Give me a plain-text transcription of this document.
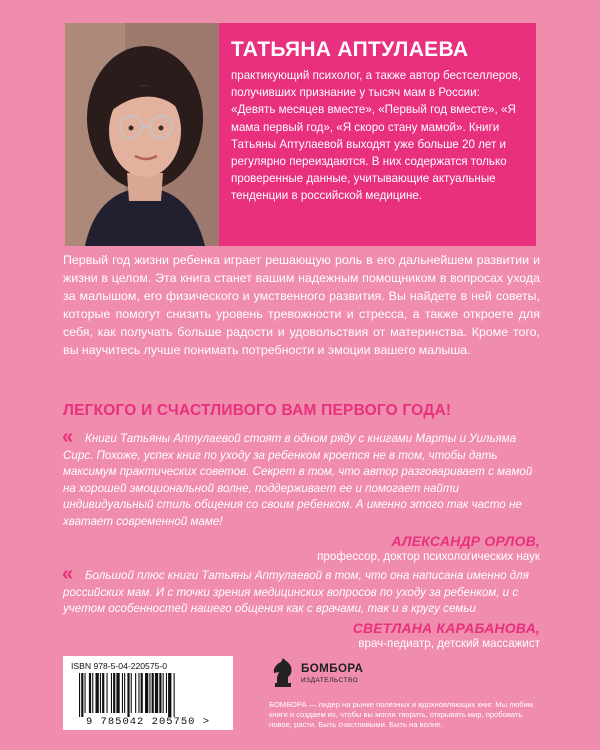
ТАТЬЯНА АПТУЛАЕВА

практикующий психолог, а также автор бестселлеров, получивших признание у тысяч мам в России: «Девять месяцев вместе», «Первый год вместе», «Я мама первый год», «Я скоро стану мамой». Книги Татьяны Аптулаевой выходят уже больше 20 лет и регулярно переиздаются. В них содержатся только проверенные данные, учитывающие актуальные тенденции в российской медицине.

Первый год жизни ребенка играет решающую роль в его дальнейшем развитии и жизни в целом. Эта книга станет вашим надежным помощником в вопросах ухода за малышом, его физического и умственного развития. Вы найдете в ней советы, которые помогут снизить уровень тревожности и стресса, а также откроете для себя, как получать больше радости и удовольствия от материнства. Кроме того, вы научитесь лучше понимать потребности и эмоции вашего малыша.

ЛЕГКОГО И СЧАСТЛИВОГО ВАМ ПЕРВОГО ГОДА!

« Книги Татьяны Аптулаевой стоят в одном ряду с книгами Марты и Уильяма Сирс. Похоже, успех книг по уходу за ребенком кроется не в том, чтобы дать максимум практических советов. Секрет в том, что автор разговаривает с мамой на хорошей эмоциональной волне, поддерживает ее и помогает найти индивидуальный стиль общения со своим ребенком. А именно этого так часто не хватает современной маме!

АЛЕКСАНДР ОРЛОВ,

профессор, доктор психологических наук

« Большой плюс книги Татьяны Аптулаевой в том, что она написана именно для российских мам. И с точки зрения медицинских вопросов по уходу за ребенком, и с учетом особенностей нашего общения как с врачами, так и в кругу семьи

СВЕТЛАНА КАРАБАНОВА,

врач-педиатр, детский массажист

ISBN 978-5-04-220575-0
9 785042 205750 >
БОМБОРА
ИЗДАТЕЛЬСТВО

БОМБОРА — лидер на рынке полезных и вдохновляющих книг. Мы любим книги и создаем их, чтобы вы могли творить, открывать мир, пробовать новое, расти. Быть счастливыми. Быть на волне.
